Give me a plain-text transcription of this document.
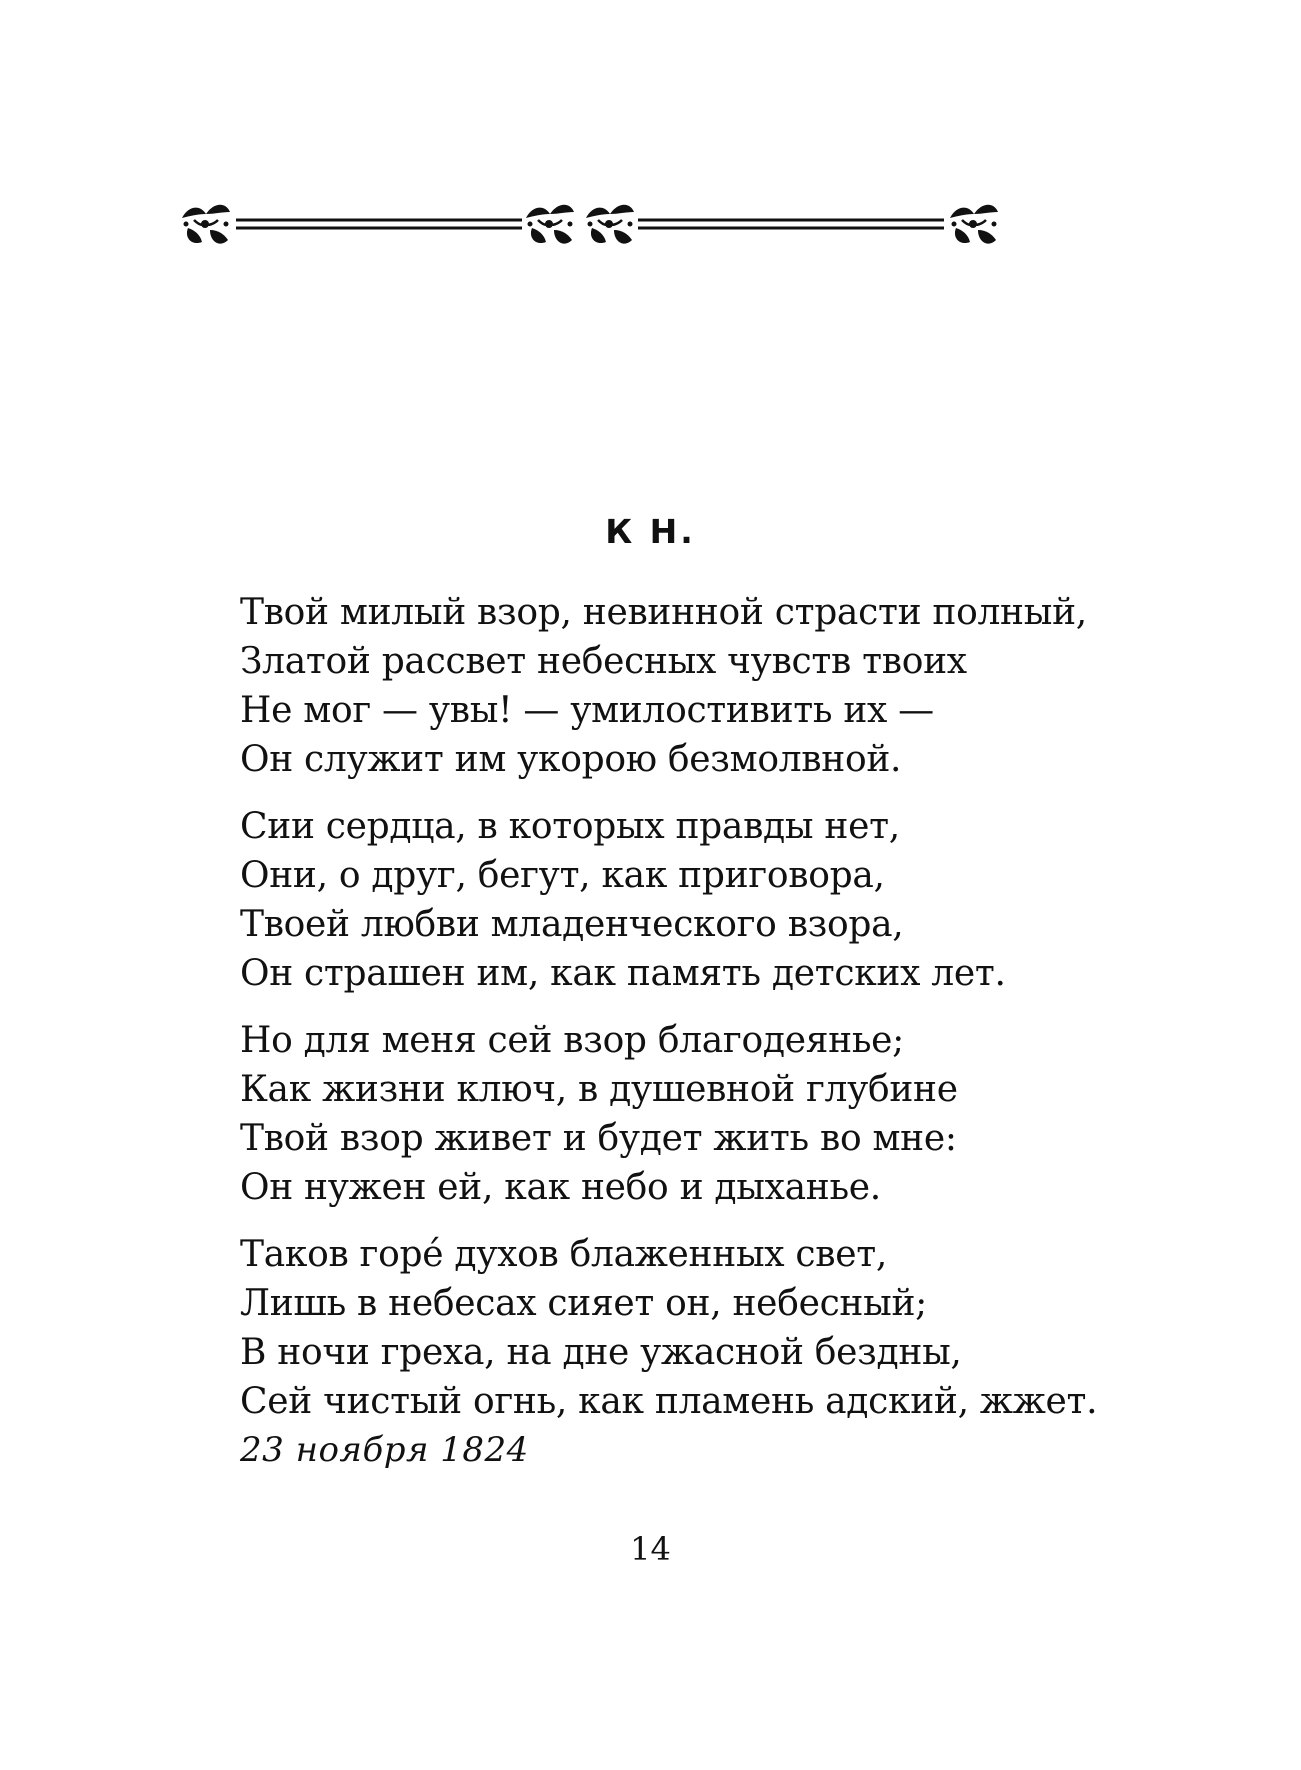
К Н.
Твой милый взор, невинной страсти полный,
Златой рассвет небесных чувств твоих
Не мог — увы! — умилостивить их —
Он служит им укорою безмолвной.
Сии сердца, в которых правды нет,
Они, о друг, бегут, как приговора,
Твоей любви младенческого взора,
Он страшен им, как память детских лет.
Но для меня сей взор благодеянье;
Как жизни ключ, в душевной глубине
Твой взор живет и будет жить во мне:
Он нужен ей, как небо и дыханье.
Таков горе́ духов блаженных свет,
Лишь в небесах сияет он, небесный;
В ночи греха, на дне ужасной бездны,
Сей чистый огнь, как пламень адский, жжет.
23 ноября 1824
14
